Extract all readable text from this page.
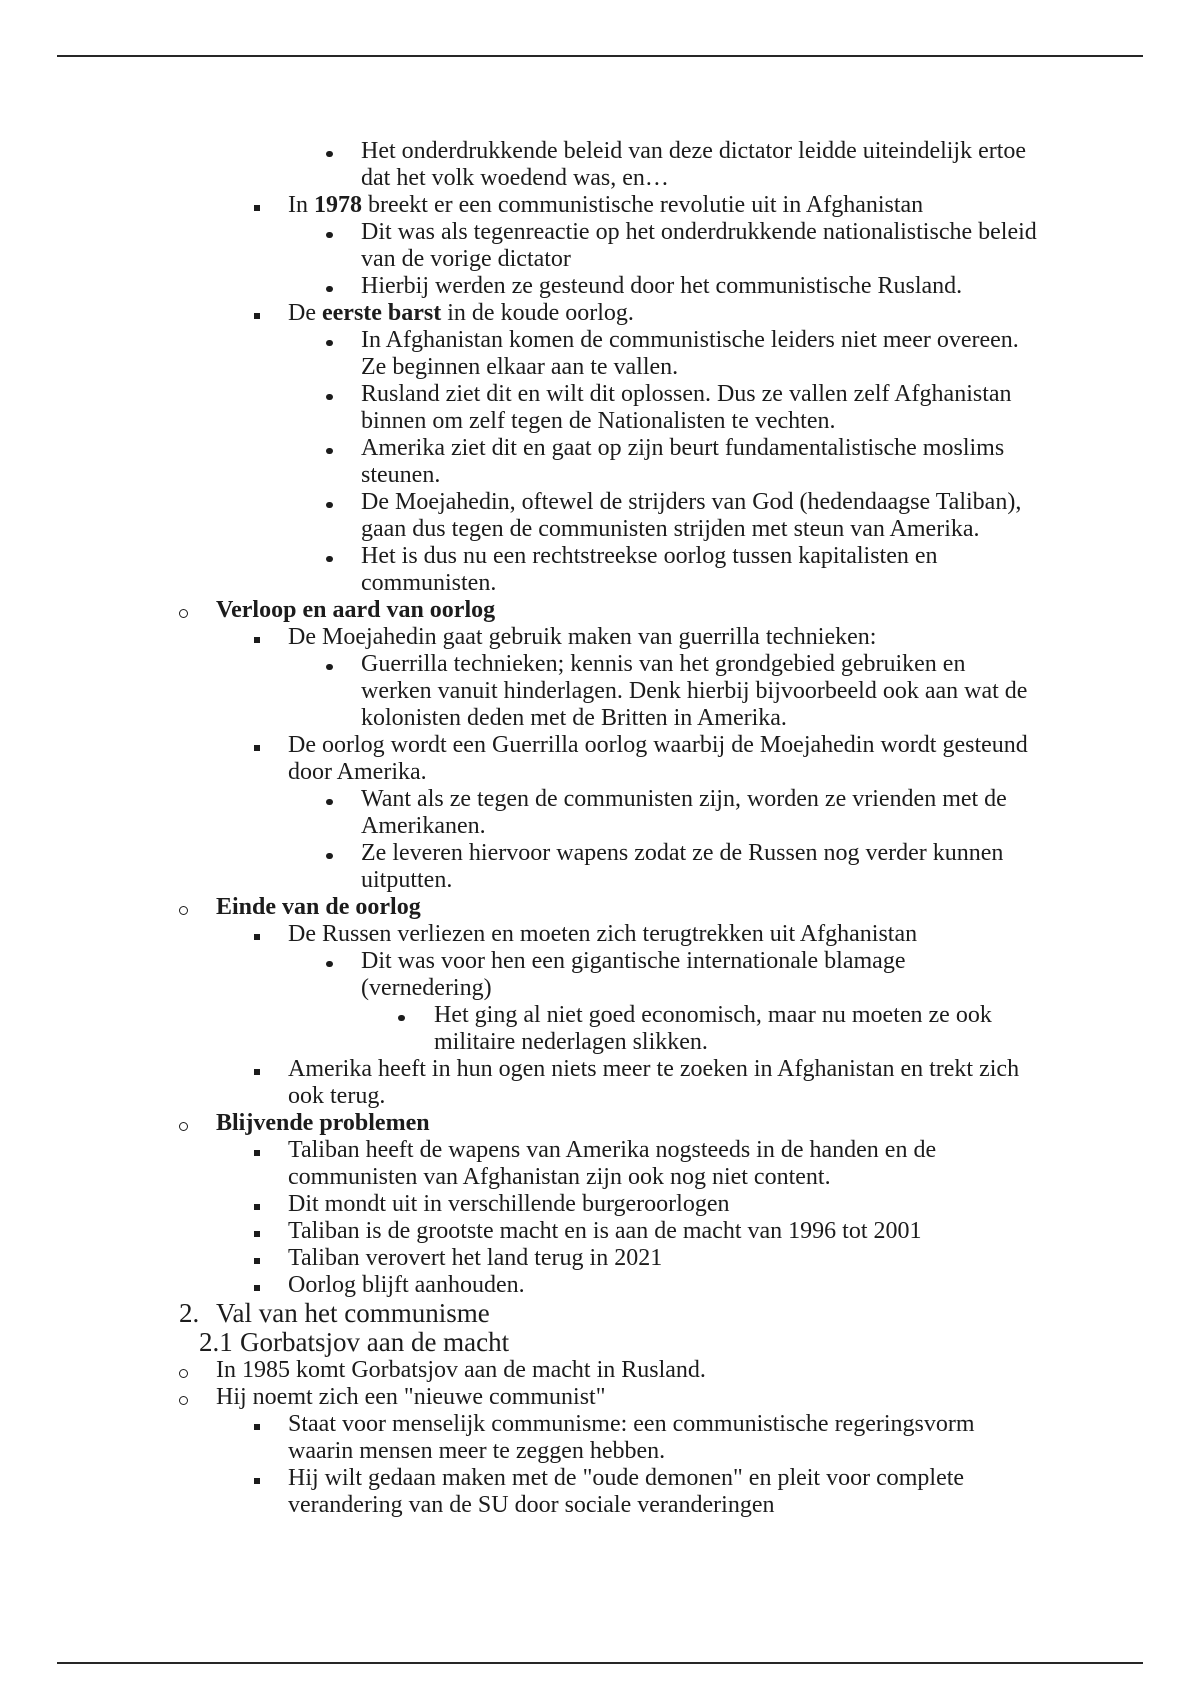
Het onderdrukkende beleid van deze dictator leidde uiteindelijk ertoe
dat het volk woedend was, en…
In 1978 breekt er een communistische revolutie uit in Afghanistan
Dit was als tegenreactie op het onderdrukkende nationalistische beleid
van de vorige dictator
Hierbij werden ze gesteund door het communistische Rusland.
De eerste barst in de koude oorlog.
In Afghanistan komen de communistische leiders niet meer overeen.
Ze beginnen elkaar aan te vallen.
Rusland ziet dit en wilt dit oplossen. Dus ze vallen zelf Afghanistan
binnen om zelf tegen de Nationalisten te vechten.
Amerika ziet dit en gaat op zijn beurt fundamentalistische moslims
steunen.
De Moejahedin, oftewel de strijders van God (hedendaagse Taliban),
gaan dus tegen de communisten strijden met steun van Amerika.
Het is dus nu een rechtstreekse oorlog tussen kapitalisten en
communisten.
Verloop en aard van oorlog
De Moejahedin gaat gebruik maken van guerrilla technieken:
Guerrilla technieken; kennis van het grondgebied gebruiken en
werken vanuit hinderlagen. Denk hierbij bijvoorbeeld ook aan wat de
kolonisten deden met de Britten in Amerika.
De oorlog wordt een Guerrilla oorlog waarbij de Moejahedin wordt gesteund
door Amerika.
Want als ze tegen de communisten zijn, worden ze vrienden met de
Amerikanen.
Ze leveren hiervoor wapens zodat ze de Russen nog verder kunnen
uitputten.
Einde van de oorlog
De Russen verliezen en moeten zich terugtrekken uit Afghanistan
Dit was voor hen een gigantische internationale blamage
(vernedering)
Het ging al niet goed economisch, maar nu moeten ze ook
militaire nederlagen slikken.
Amerika heeft in hun ogen niets meer te zoeken in Afghanistan en trekt zich
ook terug.
Blijvende problemen
Taliban heeft de wapens van Amerika nogsteeds in de handen en de
communisten van Afghanistan zijn ook nog niet content.
Dit mondt uit in verschillende burgeroorlogen
Taliban is de grootste macht en is aan de macht van 1996 tot 2001
Taliban verovert het land terug in 2021
Oorlog blijft aanhouden.
2. Val van het communisme
2.1 Gorbatsjov aan de macht
In 1985 komt Gorbatsjov aan de macht in Rusland.
Hij noemt zich een "nieuwe communist"
Staat voor menselijk communisme: een communistische regeringsvorm
waarin mensen meer te zeggen hebben.
Hij wilt gedaan maken met de "oude demonen" en pleit voor complete
verandering van de SU door sociale veranderingen
